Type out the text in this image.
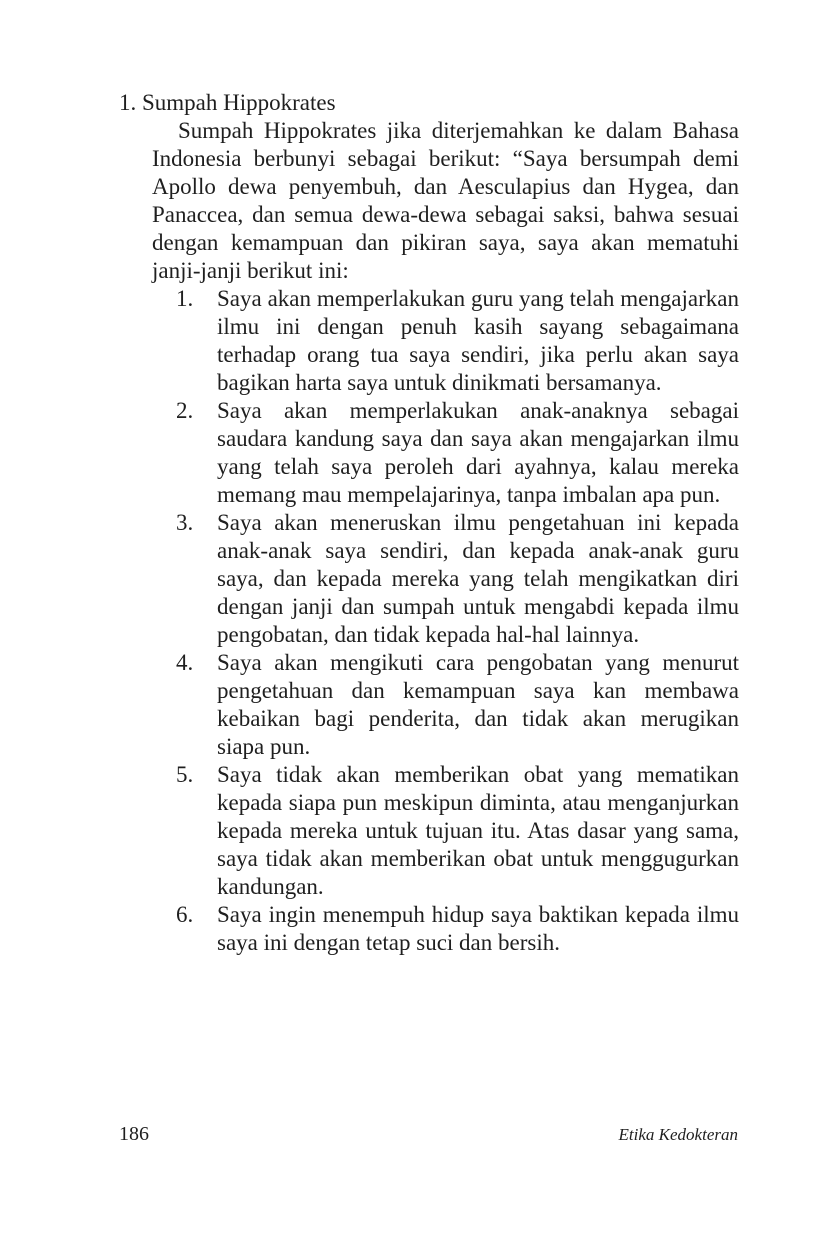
1. Sumpah Hippokrates

Sumpah Hippokrates jika diterjemahkan ke dalam Bahasa Indonesia berbunyi sebagai berikut: “Saya bersumpah demi Apollo dewa penyembuh, dan Aesculapius dan Hygea, dan Panaccea, dan semua dewa-dewa sebagai saksi, bahwa sesuai dengan kemampuan dan pikiran saya, saya akan mematuhi janji-janji berikut ini:

1.	Saya akan memperlakukan guru yang telah mengajarkan ilmu ini dengan penuh kasih sayang sebagaimana terhadap orang tua saya sendiri, jika perlu akan saya bagikan harta saya untuk dinikmati bersamanya.
2.	Saya akan memperlakukan anak-anaknya sebagai saudara kandung saya dan saya akan mengajarkan ilmu yang telah saya peroleh dari ayahnya, kalau mereka memang mau mempelajarinya, tanpa imbalan apa pun.
3.	Saya akan meneruskan ilmu pengetahuan ini kepada anak-anak saya sendiri, dan kepada anak-anak guru saya, dan kepada mereka yang telah mengikatkan diri dengan janji dan sumpah untuk mengabdi kepada ilmu pengobatan, dan tidak kepada hal-hal lainnya.
4.	Saya akan mengikuti cara pengobatan yang menurut pengetahuan dan kemampuan saya kan membawa kebaikan bagi penderita, dan tidak akan merugikan siapa pun.
5.	Saya tidak akan memberikan obat yang mematikan kepada siapa pun meskipun diminta, atau menganjurkan kepada mereka untuk tujuan itu. Atas dasar yang sama, saya tidak akan memberikan obat untuk menggugurkan kandungan.
6.	Saya ingin menempuh hidup saya baktikan kepada ilmu saya ini dengan tetap suci dan bersih.
186	Etika Kedokteran
